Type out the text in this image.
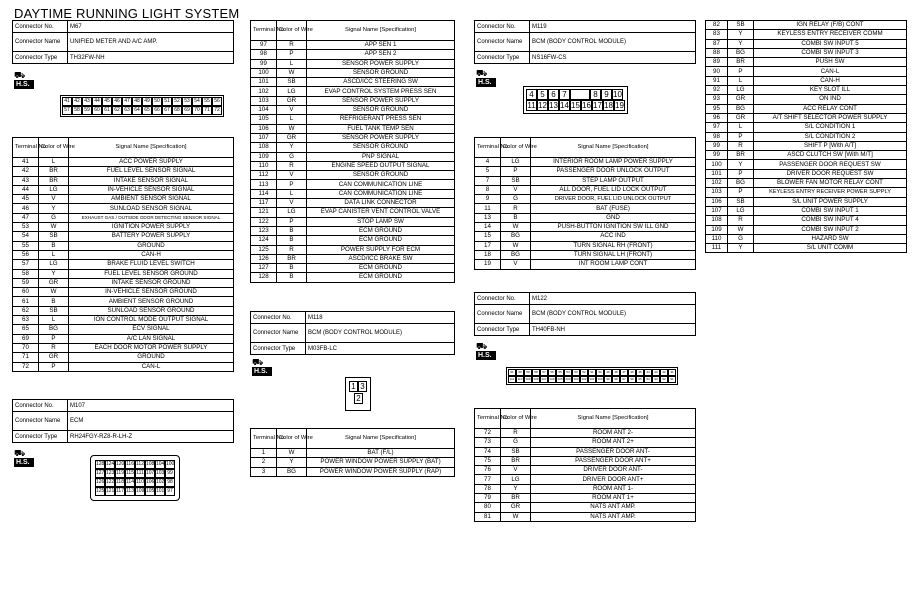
DAYTIME RUNNING LIGHT SYSTEM
Connector No.	M67
Connector Name	UNIFIED METER AND A/C AMP.
Connector Type	TH32FW-NH
⛟
H.S.
41 42 43 44 45 46 47 48 49 50 51 52 53 54 55 56
57 58 59 60 61 62 63 64 65 66 67 68 69 70 71 72
Terminal No.	Color of Wire	Signal Name [Specification]
41	L	ACC POWER SUPPLY
42	BR	FUEL LEVEL SENSOR SIGNAL
43	BR	INTAKE SENSOR SIGNAL
44	LG	IN-VEHICLE SENSOR SIGNAL
45	V	AMBIENT SENSOR SIGNAL
46	Y	SUNLOAD SENSOR SIGNAL
47	G	EXHAUST GAS / OUTSIDE ODOR DETECTING SENSOR SIGNAL
53	W	IGNITION POWER SUPPLY
54	SB	BATTERY POWER SUPPLY
55	B	GROUND
56	L	CAN-H
57	LG	BRAKE FLUID LEVEL SWITCH
58	Y	FUEL LEVEL SENSOR GROUND
59	GR	INTAKE SENSOR GROUND
60	W	IN-VEHICLE SENSOR GROUND
61	B	AMBIENT SENSOR GROUND
62	SB	SUNLOAD SENSOR GROUND
63	L	ION CONTROL MODE OUTPUT SIGNAL
65	BG	ECV SIGNAL
69	P	A/C LAN SIGNAL
70	R	EACH DOOR MOTOR POWER SUPPLY
71	GR	GROUND
72	P	CAN-L
Connector No.	M107
Connector Name	ECM
Connector Type	RH24FGY-RZ8-R-LH-Z
⛟
H.S.	128 124 120 116 112 108 104 100
127 123 119 115 111 107 103 99
126 122 118 114 110 106 102 98
125 121 117 113 109 105 101 97
Terminal No.	Color of Wire	Signal Name [Specification]
97	R	APP SEN 1
98	P	APP SEN 2
99	L	SENSOR POWER SUPPLY
100	W	SENSOR GROUND
101	SB	ASCD/ICC STEERING SW
102	LG	EVAP CONTROL SYSTEM PRESS SEN
103	GR	SENSOR POWER SUPPLY
104	V	SENSOR GROUND
105	L	REFRIGERANT PRESS SEN
106	W	FUEL TANK TEMP SEN
107	GR	SENSOR POWER SUPPLY
108	Y	SENSOR GROUND
109	G	PNP SIGNAL
110	R	ENGINE SPEED OUTPUT SIGNAL
112	V	SENSOR GROUND
113	P	CAN COMMUNICATION LINE
114	L	CAN COMMUNICATION LINE
117	V	DATA LINK CONNECTOR
121	LG	EVAP CANISTER VENT CONTROL VALVE
122	P	STOP LAMP SW
123	B	ECM GROUND
124	B	ECM GROUND
125	R	POWER SUPPLY FOR ECM
126	BR	ASCD/ICC BRAKE SW
127	B	ECM GROUND
128	B	ECM GROUND
Connector No.	M118
Connector Name	BCM (BODY CONTROL MODULE)
Connector Type	M03FB-LC
⛟
H.S.
1 3
2
Terminal No.	Color of Wire	Signal Name [Specification]
1	W	BAT (F/L)
2	Y	POWER WINDOW POWER SUPPLY (BAT)
3	BG	POWER WINDOW POWER SUPPLY (RAP)
Connector No.	M119
Connector Name	BCM (BODY CONTROL MODULE)
Connector Type	NS16FW-CS
⛟
H.S.
4 5 6 7	8 9 10
11 12 13 14 15 16 17 18 19
Terminal No.	Color of Wire	Signal Name [Specification]
4	LG	INTERIOR ROOM LAMP POWER SUPPLY
5	P	PASSENGER DOOR UNLOCK OUTPUT
7	SB	STEP LAMP OUTPUT
8	V	ALL DOOR, FUEL LID LOCK OUTPUT
9	G	DRIVER DOOR, FUEL LID UNLOCK OUTPUT
11	R	BAT (FUSE)
13	B	GND
14	W	PUSH-BUTTON IGNITION SW ILL GND
15	BG	ACC IND
17	W	TURN SIGNAL RH (FRONT)
18	BG	TURN SIGNAL LH (FRONT)
19	V	INT ROOM LAMP CONT
Connector No.	M122
Connector Name	BCM (BODY CONTROL MODULE)
Connector Type	TH40FB-NH
⛟
H.S.
61	60	59	58	57	56	55	54	53	52	51	50	49	48	47	46	45	44	43	42	41
111	110	109 108 107 106 105 104 103 102 101 100	99	98	97	96	95	94	93	92	91
Terminal No.	Color of Wire	Signal Name [Specification]
72	R	ROOM ANT 2-
73	G	ROOM ANT 2+
74	SB	PASSENGER DOOR ANT-
75	BR	PASSENGER DOOR ANT+
76	V	DRIVER DOOR ANT-
77	LG	DRIVER DOOR ANT+
78	Y	ROOM ANT 1-
79	BR	ROOM ANT 1+
80	GR	NATS ANT AMP.
81	W	NATS ANT AMP.
82	SB	IGN RELAY (F/B) CONT
83	Y	KEYLESS ENTRY RECEIVER COMM
87	Y	COMBI SW INPUT 5
88	BG	COMBI SW INPUT 3
89	BR	PUSH SW
90	P	CAN-L
91	L	CAN-H
92	LG	KEY SLOT ILL
93	GR	ON IND
95	BG	ACC RELAY CONT
96	GR	A/T SHIFT SELECTOR POWER SUPPLY
97	L	S/L CONDITION 1
98	P	S/L CONDITION 2
99	R	SHIFT P [With A/T]
99	BR	ASCD CLUTCH SW [With M/T]
100	Y	PASSENGER DOOR REQUEST SW
101	P	DRIVER DOOR REQUEST SW
102	BG	BLOWER FAN MOTOR RELAY CONT
103	P	KEYLESS ENTRY RECEIVER POWER SUPPLY
106	SB	S/L UNIT POWER SUPPLY
107	LG	COMBI SW INPUT 1
108	R	COMBI SW INPUT 4
109	W	COMBI SW INPUT 2
110	G	HAZARD SW
111	Y	S/L UNIT COMM
